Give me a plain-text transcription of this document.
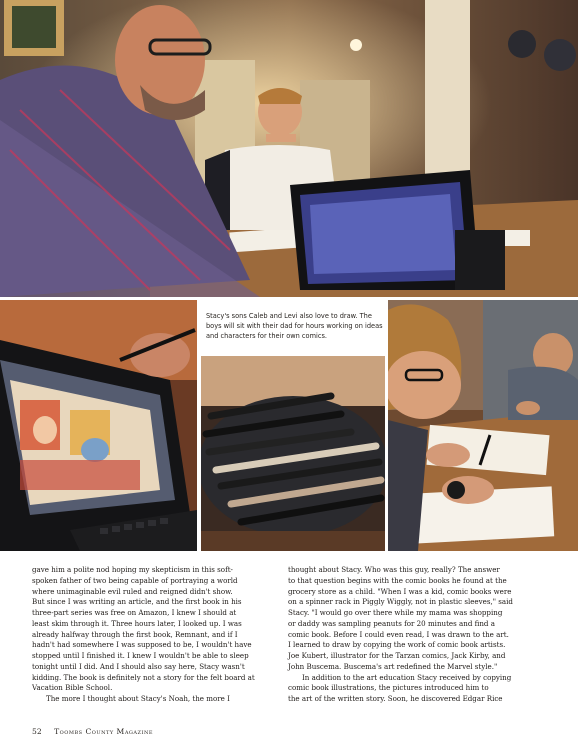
Stacy's sons Caleb and Levi also love to draw. The boys will sit with their dad for hours working on ideas and characters for their own comics.

gave him a polite nod hoping my skepticism in this soft-
spoken father of two being capable of portraying a world
where unimaginable evil ruled and reigned didn't show.
But since I was writing an article, and the first book in his
three-part series was free on Amazon, I knew I should at
least skim through it. Three hours later, I looked up. I was
already halfway through the first book, Remnant, and if I
hadn't had somewhere I was supposed to be, I wouldn't have
stopped until I finished it. I knew I wouldn't be able to sleep
tonight until I did. And I should also say here, Stacy wasn't
kidding. The book is definitely not a story for the felt board at
Vacation Bible School.

The more I thought about Stacy's Noah, the more I

thought about Stacy. Who was this guy, really? The answer
to that question begins with the comic books he found at the
grocery store as a child. "When I was a kid, comic books were
on a spinner rack in Piggly Wiggly, not in plastic sleeves," said
Stacy. "I would go over there while my mama was shopping
or daddy was sampling peanuts for 20 minutes and find a
comic book. Before I could even read, I was drawn to the art.
I learned to draw by copying the work of comic book artists.
Joe Kubert, illustrator for the Tarzan comics, Jack Kirby, and
John Buscema. Buscema's art redefined the Marvel style."

In addition to the art education Stacy received by copying
comic book illustrations, the pictures introduced him to
the art of the written story. Soon, he discovered Edgar Rice

52 Toombs County Magazine
